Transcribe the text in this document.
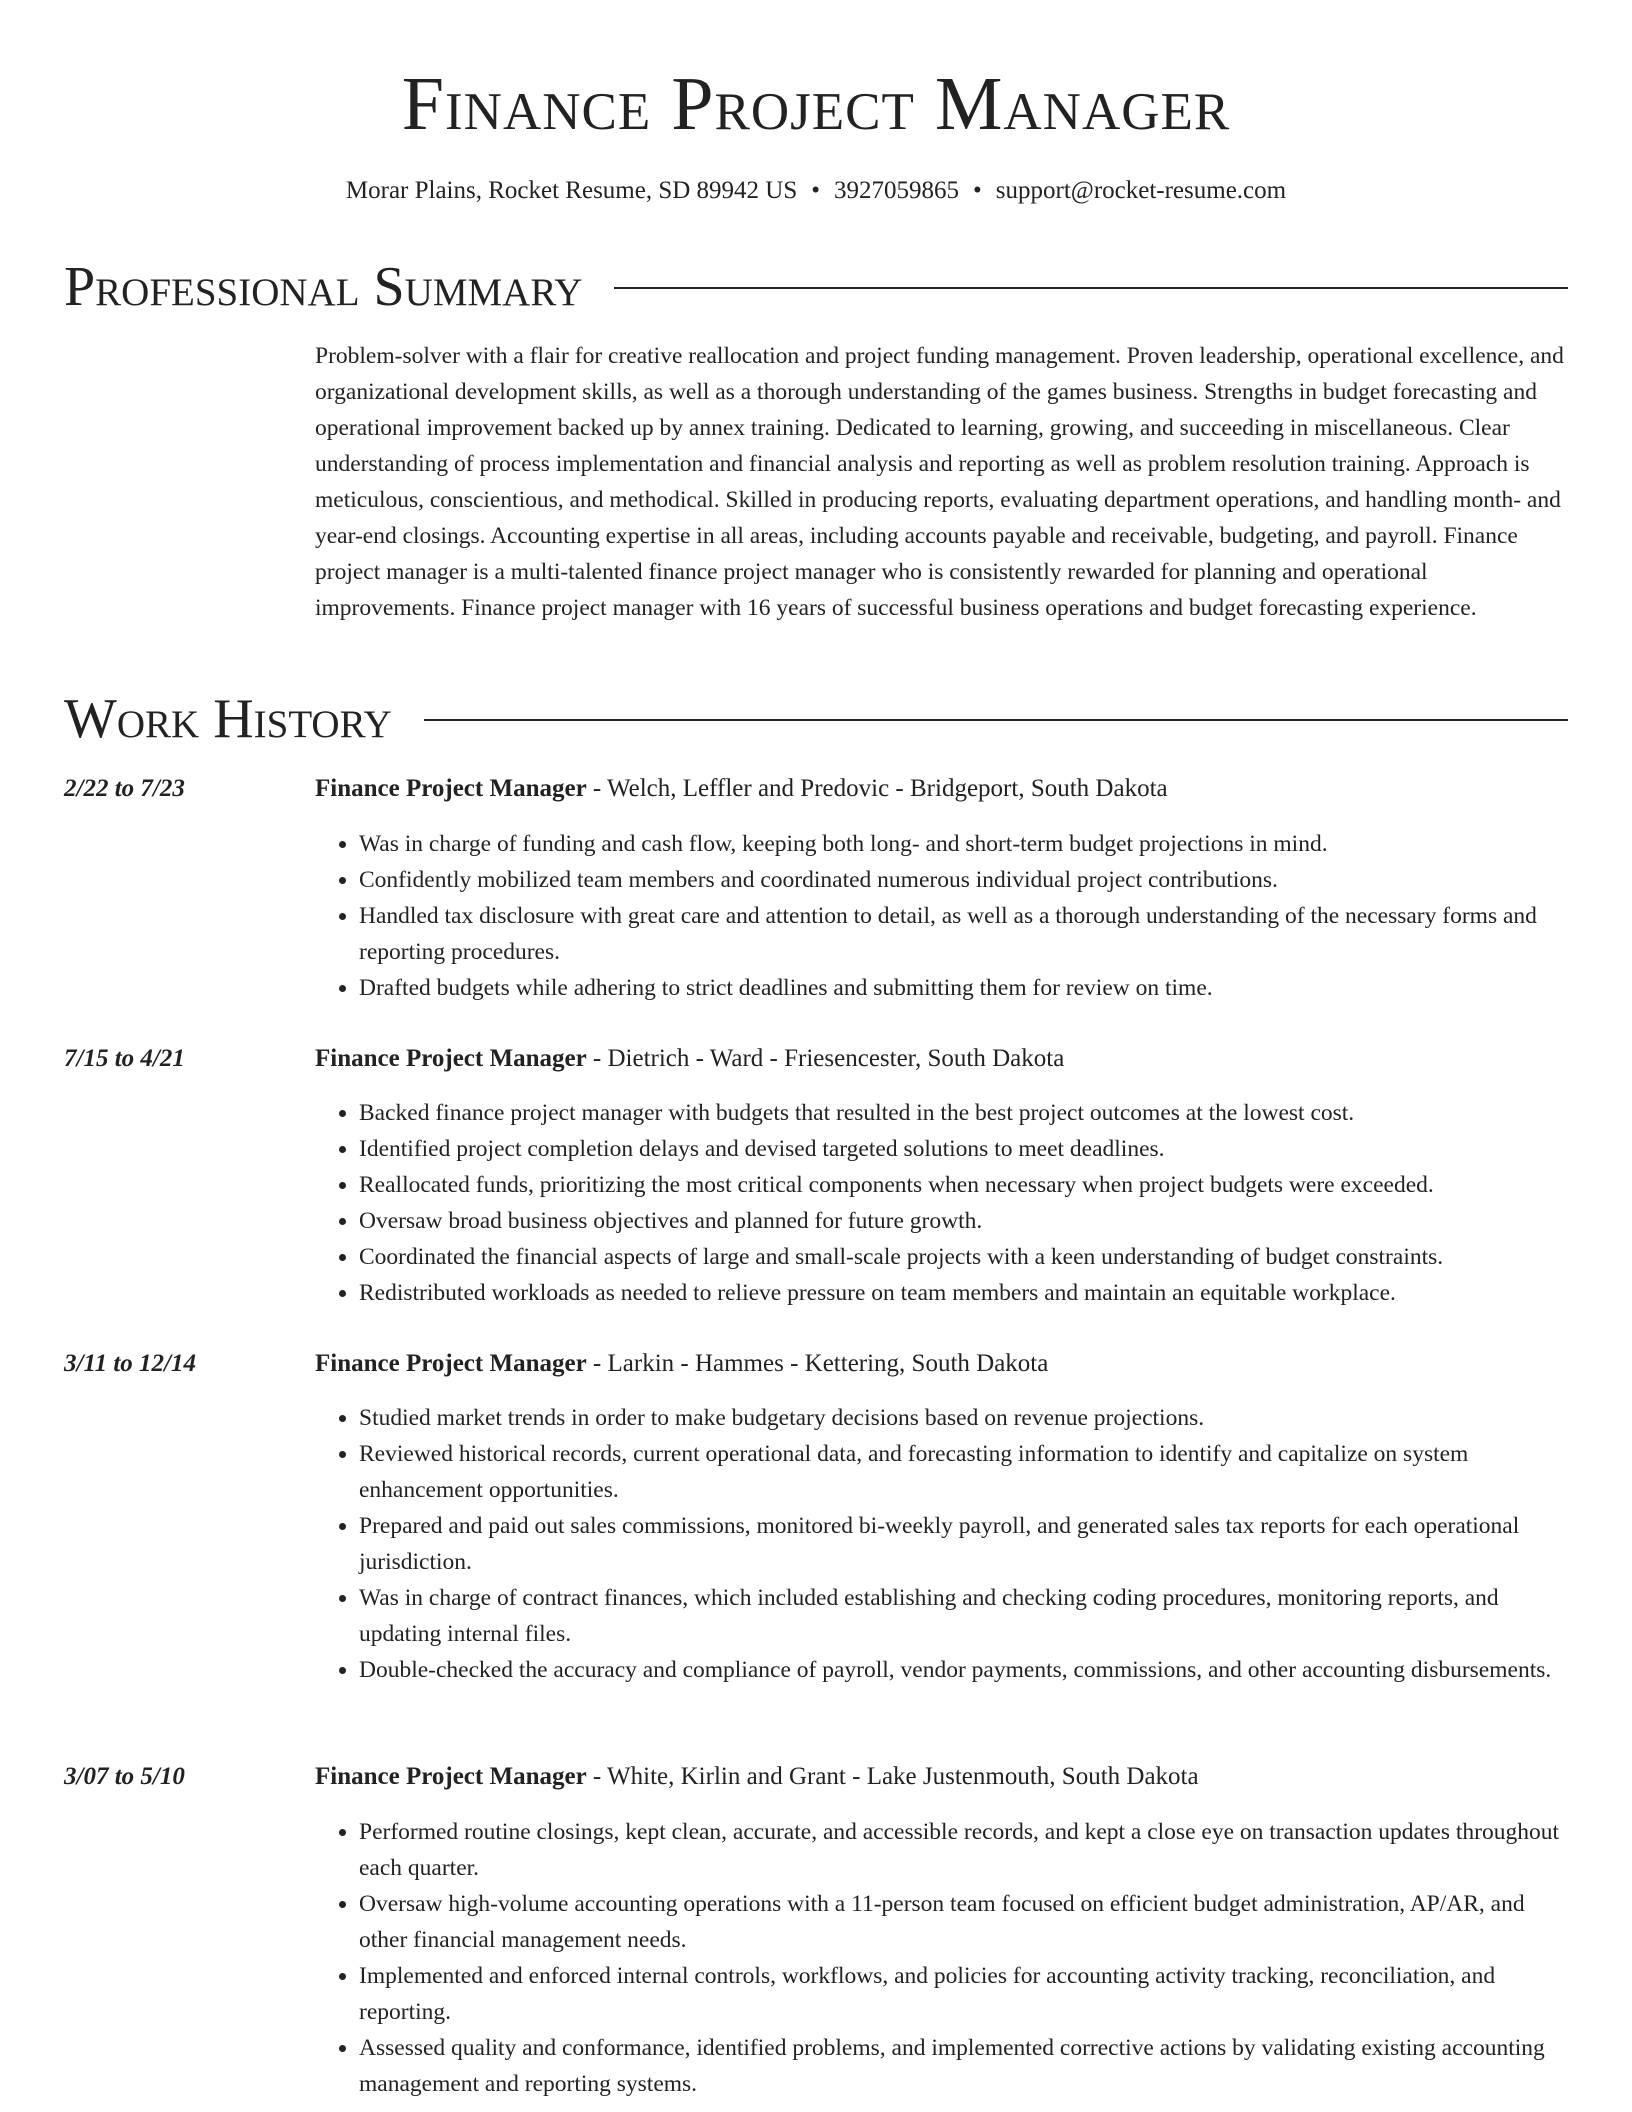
Finance Project Manager
Morar Plains, Rocket Resume, SD 89942 US • 3927059865 • support@rocket-resume.com
Professional Summary
Problem-solver with a flair for creative reallocation and project funding management. Proven leadership, operational excellence, and organizational development skills, as well as a thorough understanding of the games business. Strengths in budget forecasting and operational improvement backed up by annex training. Dedicated to learning, growing, and succeeding in miscellaneous. Clear understanding of process implementation and financial analysis and reporting as well as problem resolution training. Approach is meticulous, conscientious, and methodical. Skilled in producing reports, evaluating department operations, and handling month- and year-end closings. Accounting expertise in all areas, including accounts payable and receivable, budgeting, and payroll. Finance project manager is a multi-talented finance project manager who is consistently rewarded for planning and operational improvements. Finance project manager with 16 years of successful business operations and budget forecasting experience.
Work History
2/22 to 7/23	Finance Project Manager - Welch, Leffler and Predovic - Bridgeport, South Dakota
• Was in charge of funding and cash flow, keeping both long- and short-term budget projections in mind.
• Confidently mobilized team members and coordinated numerous individual project contributions.
• Handled tax disclosure with great care and attention to detail, as well as a thorough understanding of the necessary forms and reporting procedures.
• Drafted budgets while adhering to strict deadlines and submitting them for review on time.
7/15 to 4/21	Finance Project Manager - Dietrich - Ward - Friesencester, South Dakota
• Backed finance project manager with budgets that resulted in the best project outcomes at the lowest cost.
• Identified project completion delays and devised targeted solutions to meet deadlines.
• Reallocated funds, prioritizing the most critical components when necessary when project budgets were exceeded.
• Oversaw broad business objectives and planned for future growth.
• Coordinated the financial aspects of large and small-scale projects with a keen understanding of budget constraints.
• Redistributed workloads as needed to relieve pressure on team members and maintain an equitable workplace.
3/11 to 12/14	Finance Project Manager - Larkin - Hammes - Kettering, South Dakota
• Studied market trends in order to make budgetary decisions based on revenue projections.
• Reviewed historical records, current operational data, and forecasting information to identify and capitalize on system enhancement opportunities.
• Prepared and paid out sales commissions, monitored bi-weekly payroll, and generated sales tax reports for each operational jurisdiction.
• Was in charge of contract finances, which included establishing and checking coding procedures, monitoring reports, and updating internal files.
• Double-checked the accuracy and compliance of payroll, vendor payments, commissions, and other accounting disbursements.
3/07 to 5/10	Finance Project Manager - White, Kirlin and Grant - Lake Justenmouth, South Dakota
• Performed routine closings, kept clean, accurate, and accessible records, and kept a close eye on transaction updates throughout each quarter.
• Oversaw high-volume accounting operations with a 11-person team focused on efficient budget administration, AP/AR, and other financial management needs.
• Implemented and enforced internal controls, workflows, and policies for accounting activity tracking, reconciliation, and reporting.
• Assessed quality and conformance, identified problems, and implemented corrective actions by validating existing accounting management and reporting systems.
